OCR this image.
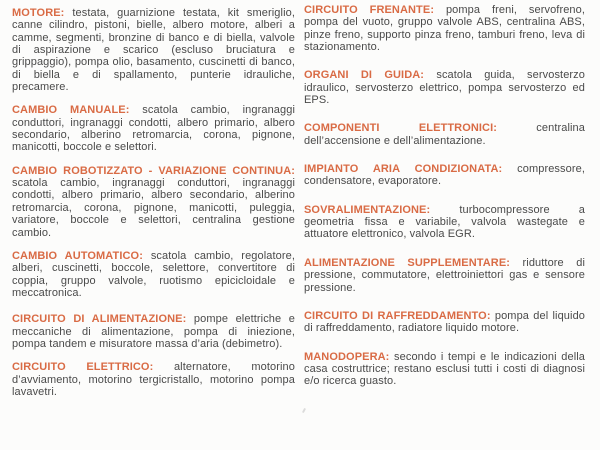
MOTORE: testata, guarnizione testata, kit smeriglio, canne cilindro, pistoni, bielle, albero motore, alberi a camme, segmenti, bronzine di banco e di biella, valvole di aspirazione e scarico (escluso bruciatura e grippaggio), pompa olio, basamento, cuscinetti di banco, di biella e di spallamento, punterie idrauliche, precamere.

CAMBIO MANUALE: scatola cambio, ingranaggi conduttori, ingranaggi condotti, albero primario, albero secondario, alberino retromarcia, corona, pignone, manicotti, boccole e selettori.

CAMBIO ROBOTIZZATO - VARIAZIONE CONTINUA: scatola cambio, ingranaggi conduttori, ingranaggi condotti, albero primario, albero secondario, alberino retromarcia, corona, pignone, manicotti, puleggia, variatore, boccole e selettori, centralina gestione cambio.

CAMBIO AUTOMATICO: scatola cambio, regolatore, alberi, cuscinetti, boccole, selettore, convertitore di coppia, gruppo valvole, ruotismo epicicloidale e meccatronica.

CIRCUITO DI ALIMENTAZIONE: pompe elettriche e meccaniche di alimentazione, pompa di iniezione, pompa tandem e misuratore massa d’aria (debimetro).

CIRCUITO ELETTRICO: alternatore, motorino d’avviamento, motorino tergicristallo, motorino pompa lavavetri.

CIRCUITO FRENANTE: pompa freni, servofreno, pompa del vuoto, gruppo valvole ABS, centralina ABS, pinze freno, supporto pinza freno, tamburi freno, leva di stazionamento.

ORGANI DI GUIDA: scatola guida, servosterzo idraulico, servosterzo elettrico, pompa servosterzo ed EPS.

COMPONENTI ELETTRONICI:	centralina dell’accensione e dell’alimentazione.

IMPIANTO ARIA CONDIZIONATA: compressore, condensatore, evaporatore.

SOVRALIMENTAZIONE:	turbocompressore a geometria fissa e variabile, valvola wastegate e attuatore elettronico, valvola EGR.

ALIMENTAZIONE SUPPLEMENTARE: riduttore di pressione, commutatore, elettroiniettori gas e sensore pressione.

CIRCUITO DI RAFFREDDAMENTO: pompa del liquido di raffreddamento, radiatore liquido motore.

MANODOPERA: secondo i tempi e le indicazioni della casa costruttrice; restano esclusi tutti i costi di diagnosi e/o ricerca guasto.
